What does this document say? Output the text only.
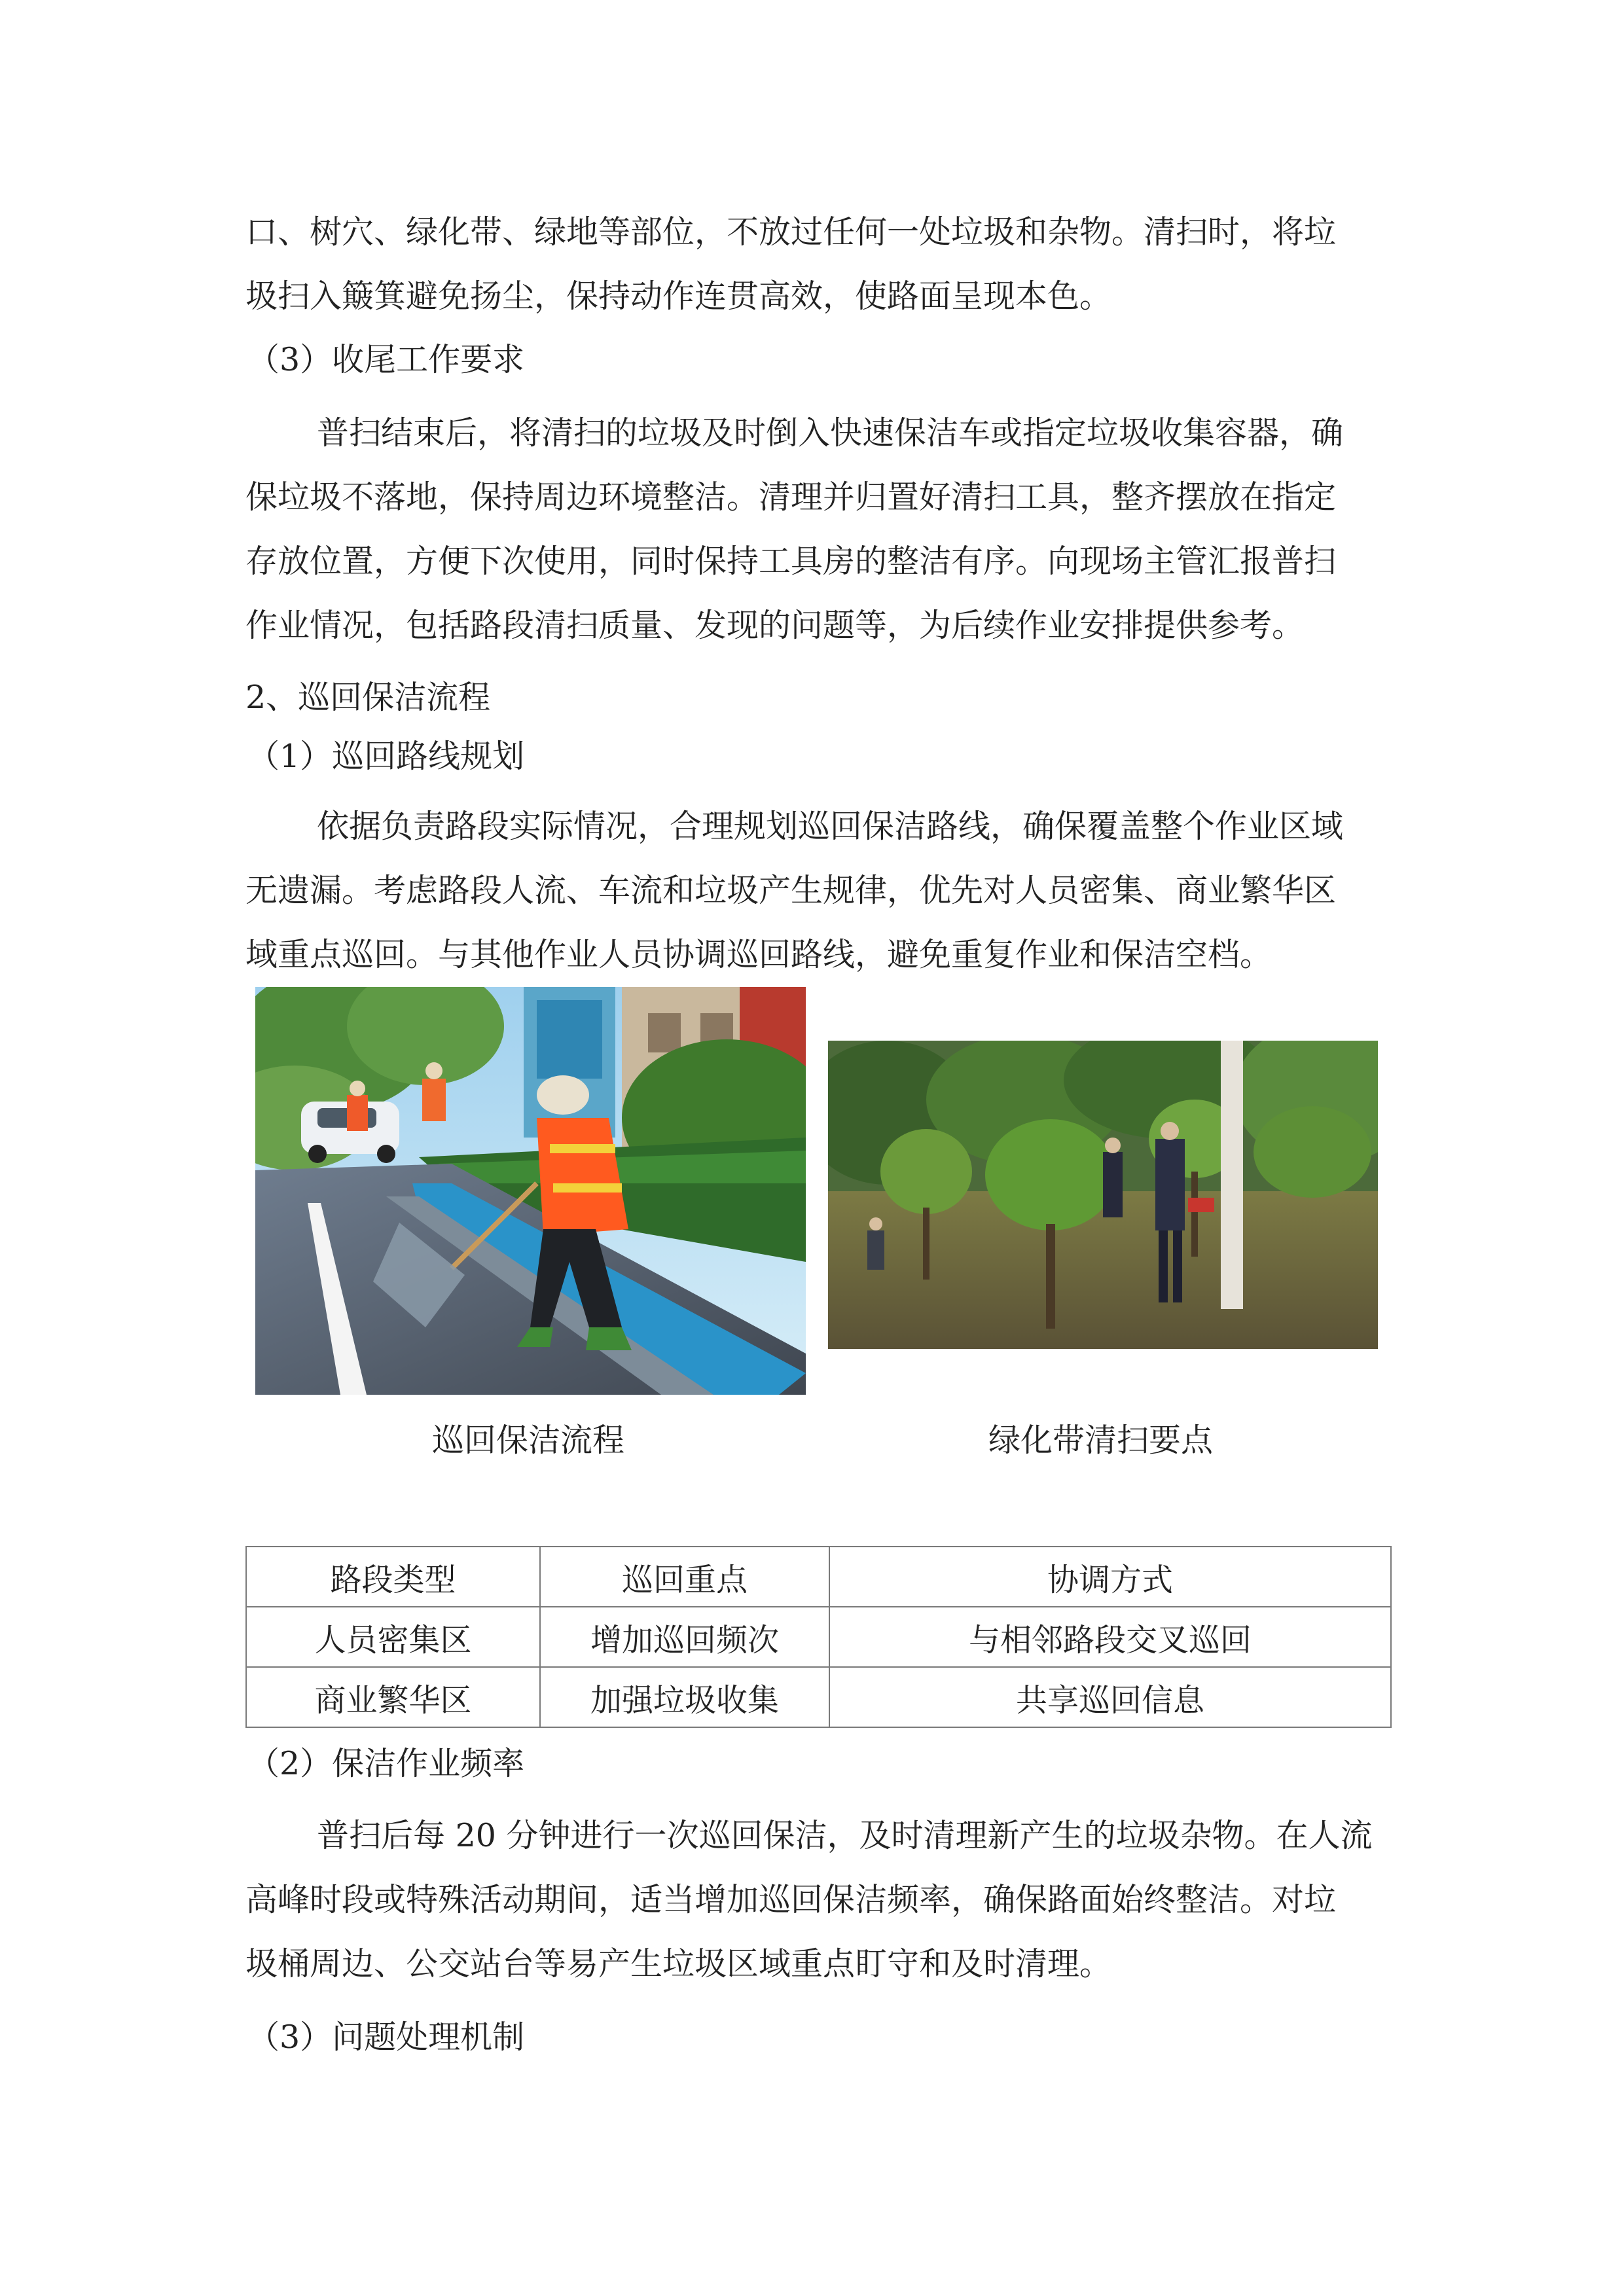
口、树穴、绿化带、绿地等部位，不放过任何一处垃圾和杂物。清扫时，将垃
圾扫入簸箕避免扬尘，保持动作连贯高效，使路面呈现本色。
（3）收尾工作要求
普扫结束后，将清扫的垃圾及时倒入快速保洁车或指定垃圾收集容器，确
保垃圾不落地，保持周边环境整洁。清理并归置好清扫工具，整齐摆放在指定
存放位置，方便下次使用，同时保持工具房的整洁有序。向现场主管汇报普扫
作业情况，包括路段清扫质量、发现的问题等，为后续作业安排提供参考。
2、巡回保洁流程
（1）巡回路线规划
依据负责路段实际情况，合理规划巡回保洁路线，确保覆盖整个作业区域
无遗漏。考虑路段人流、车流和垃圾产生规律，优先对人员密集、商业繁华区
域重点巡回。与其他作业人员协调巡回路线，避免重复作业和保洁空档。
巡回保洁流程	绿化带清扫要点
路段类型	巡回重点	协调方式
人员密集区	增加巡回频次	与相邻路段交叉巡回
商业繁华区	加强垃圾收集	共享巡回信息
（2）保洁作业频率
普扫后每 20 分钟进行一次巡回保洁，及时清理新产生的垃圾杂物。在人流
高峰时段或特殊活动期间，适当增加巡回保洁频率，确保路面始终整洁。对垃
圾桶周边、公交站台等易产生垃圾区域重点盯守和及时清理。
（3）问题处理机制
